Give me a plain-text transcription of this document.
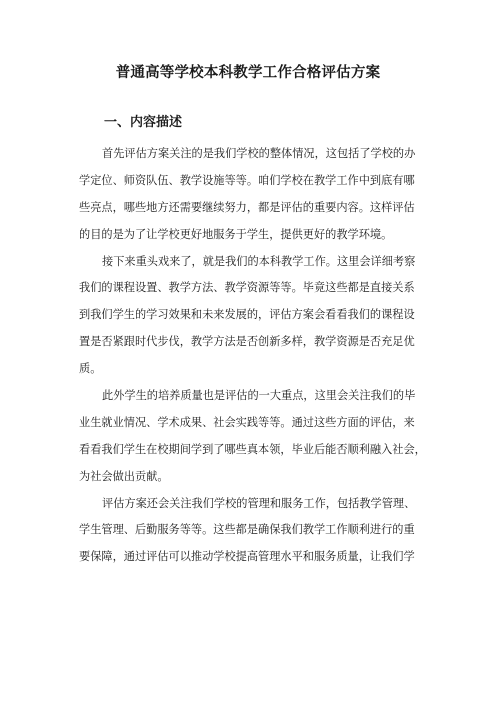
普通高等学校本科教学工作合格评估方案
一、内容描述

首先评估方案关注的是我们学校的整体情况，这包括了学校的办
学定位、师资队伍、教学设施等等。咱们学校在教学工作中到底有哪
些亮点，哪些地方还需要继续努力，都是评估的重要内容。这样评估
的目的是为了让学校更好地服务于学生，提供更好的教学环境。

接下来重头戏来了，就是我们的本科教学工作。这里会详细考察
我们的课程设置、教学方法、教学资源等等。毕竟这些都是直接关系
到我们学生的学习效果和未来发展的，评估方案会看看我们的课程设
置是否紧跟时代步伐，教学方法是否创新多样，教学资源是否充足优
质。

此外学生的培养质量也是评估的一大重点，这里会关注我们的毕
业生就业情况、学术成果、社会实践等等。通过这些方面的评估，来
看看我们学生在校期间学到了哪些真本领，毕业后能否顺利融入社会，
为社会做出贡献。

评估方案还会关注我们学校的管理和服务工作，包括教学管理、
学生管理、后勤服务等等。这些都是确保我们教学工作顺利进行的重
要保障，通过评估可以推动学校提高管理水平和服务质量，让我们学
